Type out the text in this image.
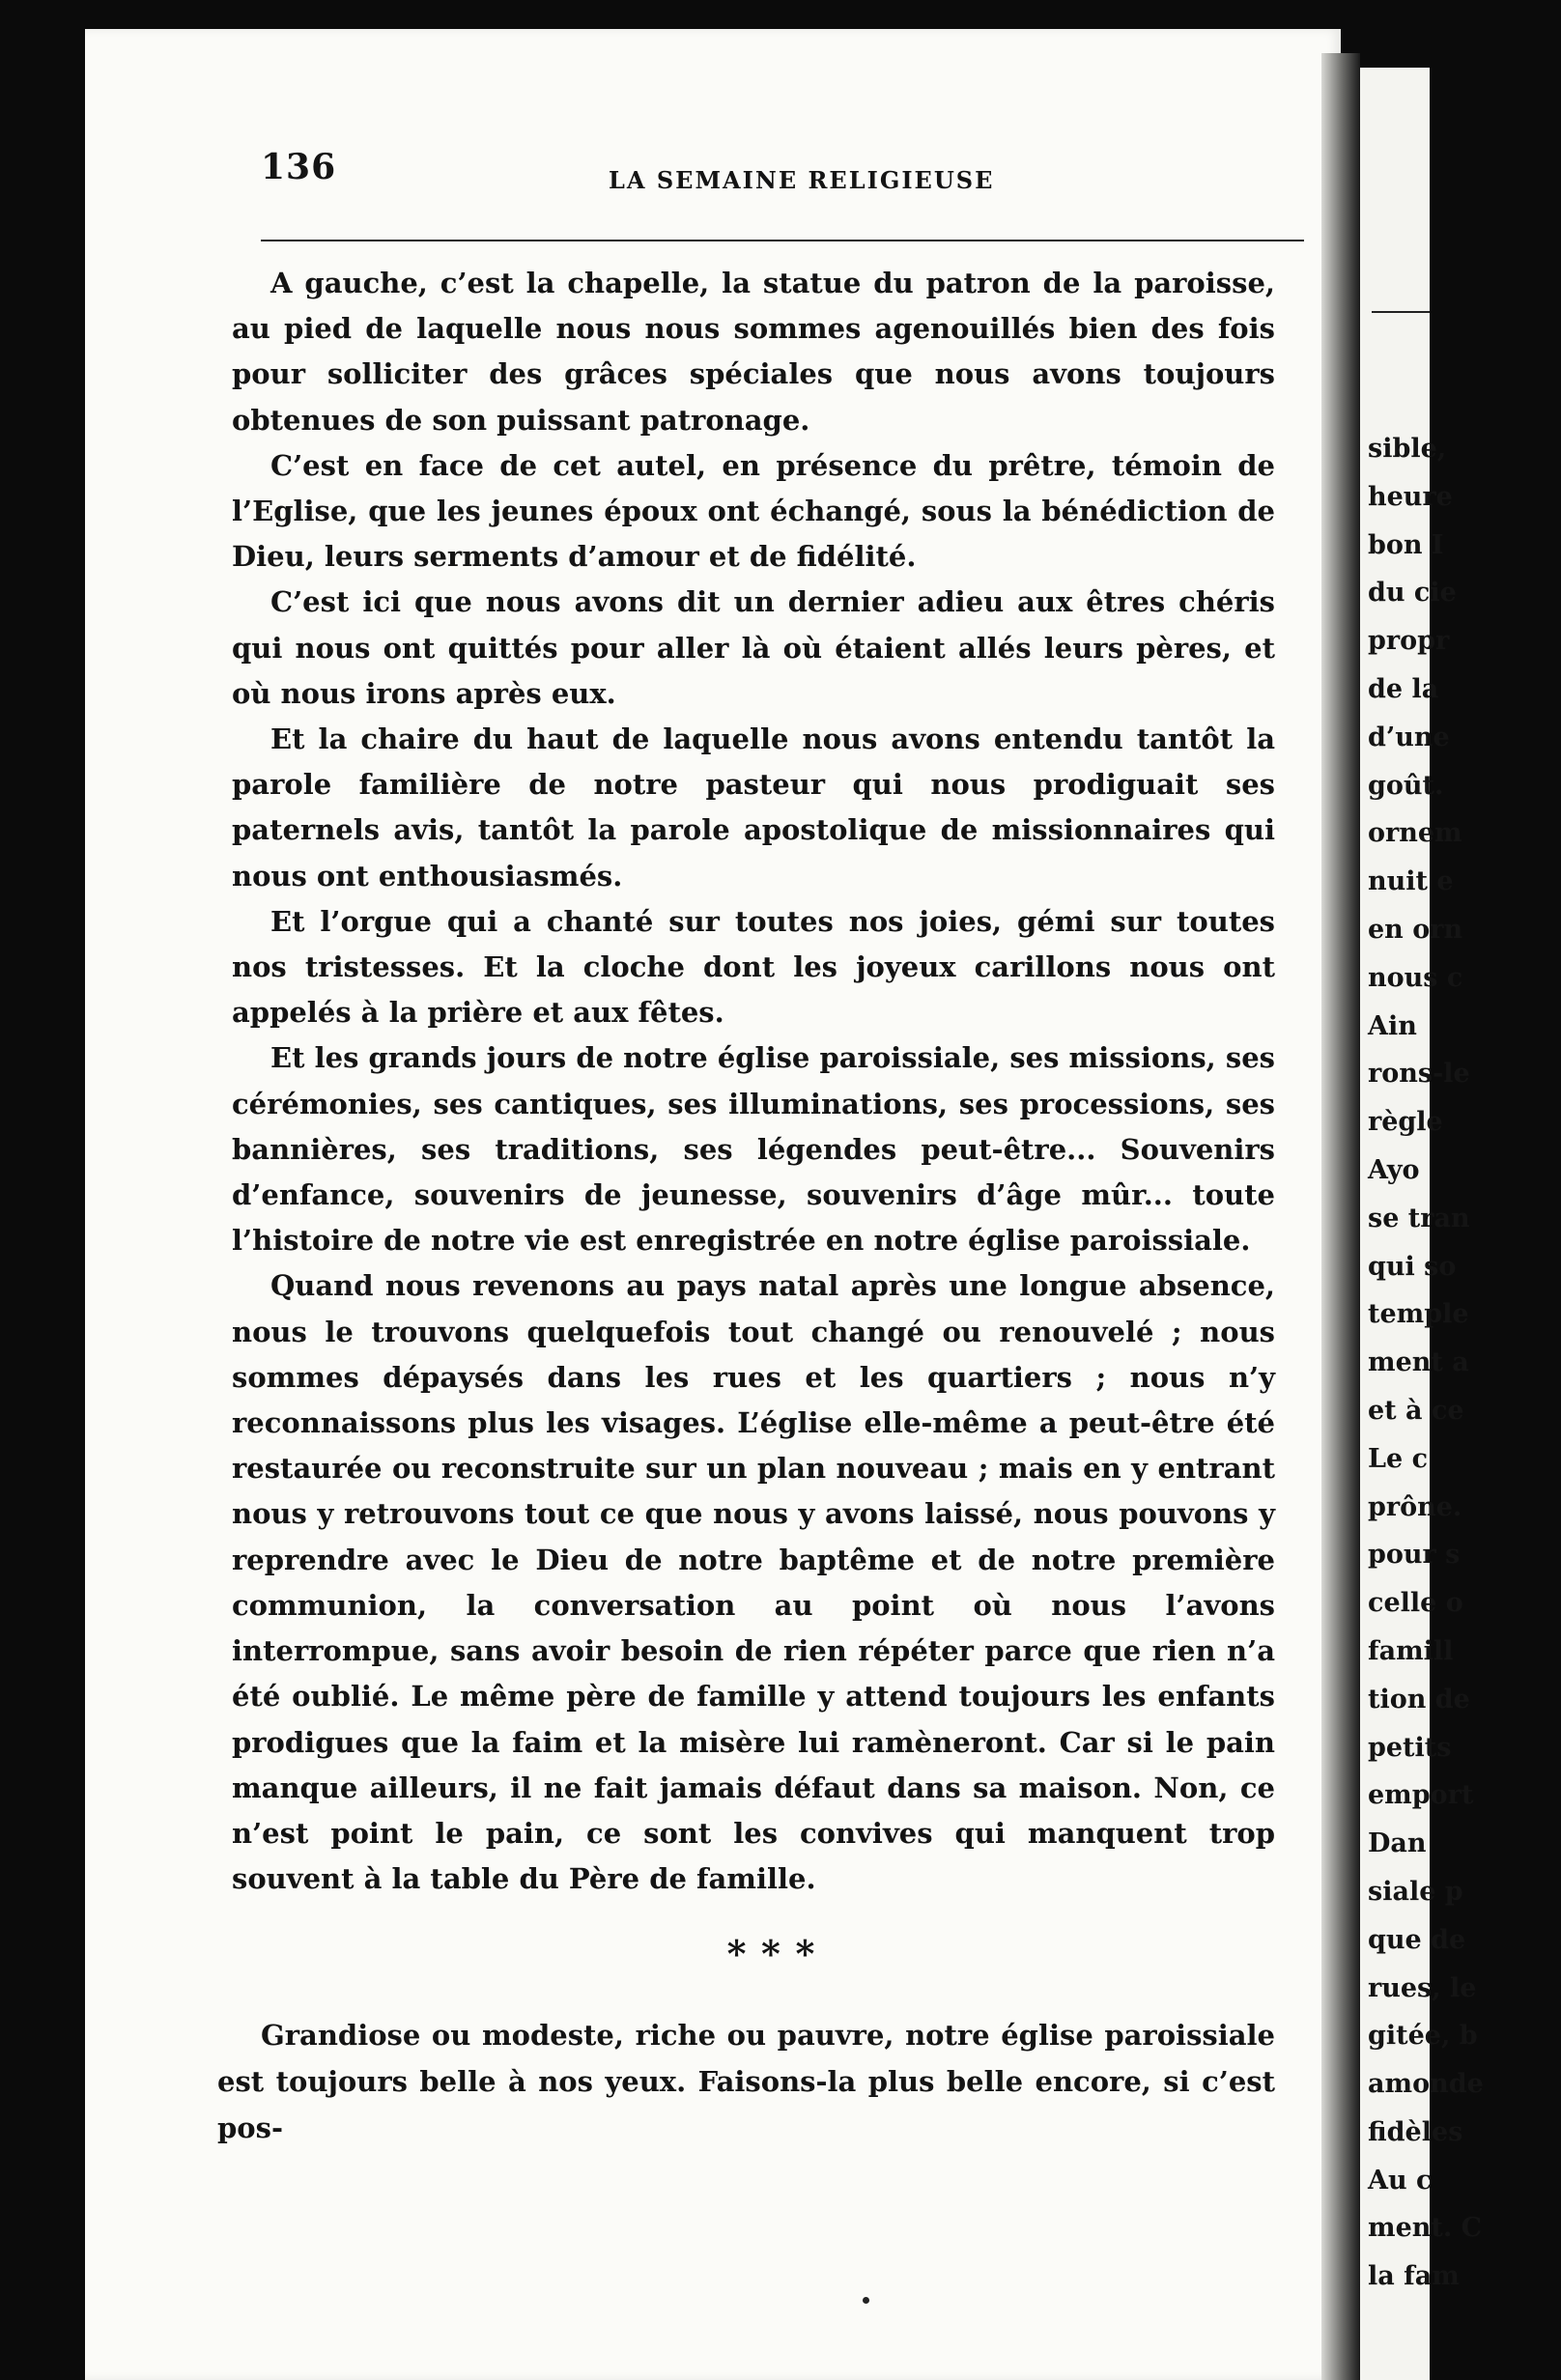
136	LA SEMAINE RELIGIEUSE

A gauche, c’est la chapelle, la statue du patron de la paroisse, au pied de laquelle nous nous sommes agenouillés bien des fois pour solliciter des grâces spéciales que nous avons toujours obtenues de son puissant patronage.

C’est en face de cet autel, en présence du prêtre, témoin de l’Eglise, que les jeunes époux ont échangé, sous la bénédiction de Dieu, leurs serments d’amour et de fidélité.

C’est ici que nous avons dit un dernier adieu aux êtres chéris qui nous ont quittés pour aller là où étaient allés leurs pères, et où nous irons après eux.

Et la chaire du haut de laquelle nous avons entendu tantôt la parole familière de notre pasteur qui nous prodiguait ses paternels avis, tantôt la parole apostolique de missionnaires qui nous ont enthousiasmés.

Et l’orgue qui a chanté sur toutes nos joies, gémi sur toutes nos tristesses. Et la cloche dont les joyeux carillons nous ont appelés à la prière et aux fêtes.

Et les grands jours de notre église paroissiale, ses missions, ses cérémonies, ses cantiques, ses illuminations, ses processions, ses bannières, ses traditions, ses légendes peut-être... Souvenirs d’enfance, souvenirs de jeunesse, souvenirs d’âge mûr... toute l’histoire de notre vie est enregistrée en notre église paroissiale.

Quand nous revenons au pays natal après une longue absence, nous le trouvons quelquefois tout changé ou renouvelé ; nous sommes dépaysés dans les rues et les quartiers ; nous n’y reconnaissons plus les visages. L’église elle-même a peut-être été restaurée ou reconstruite sur un plan nouveau ; mais en y entrant nous y retrouvons tout ce que nous y avons laissé, nous pouvons y reprendre avec le Dieu de notre baptême et de notre première communion, la conversation au point où nous l’avons interrompue, sans avoir besoin de rien répéter parce que rien n’a été oublié. Le même père de famille y attend toujours les enfants prodigues que la faim et la misère lui ramèneront. Car si le pain manque ailleurs, il ne fait jamais défaut dans sa maison. Non, ce n’est point le pain, ce sont les convives qui manquent trop souvent à la table du Père de famille.

* * *

Grandiose ou modeste, riche ou pauvre, notre église paroissiale est toujours belle à nos yeux. Faisons-la plus belle encore, si c’est pos-

sible,
heure
bon I
du cie
propr
de la
d’une
goût.
ornem
nuit e
en orn
nous c
Ain
rons-le
règle
Ayo
se tran
qui so
temple
ment a
et à ce
Le c
prône.
pour s
celle o
famill
tion de
petits
emport
Dan
siale p
que de
rues, le
gitée, b
amonde
fidèles
Au c
ment. C
la fam
